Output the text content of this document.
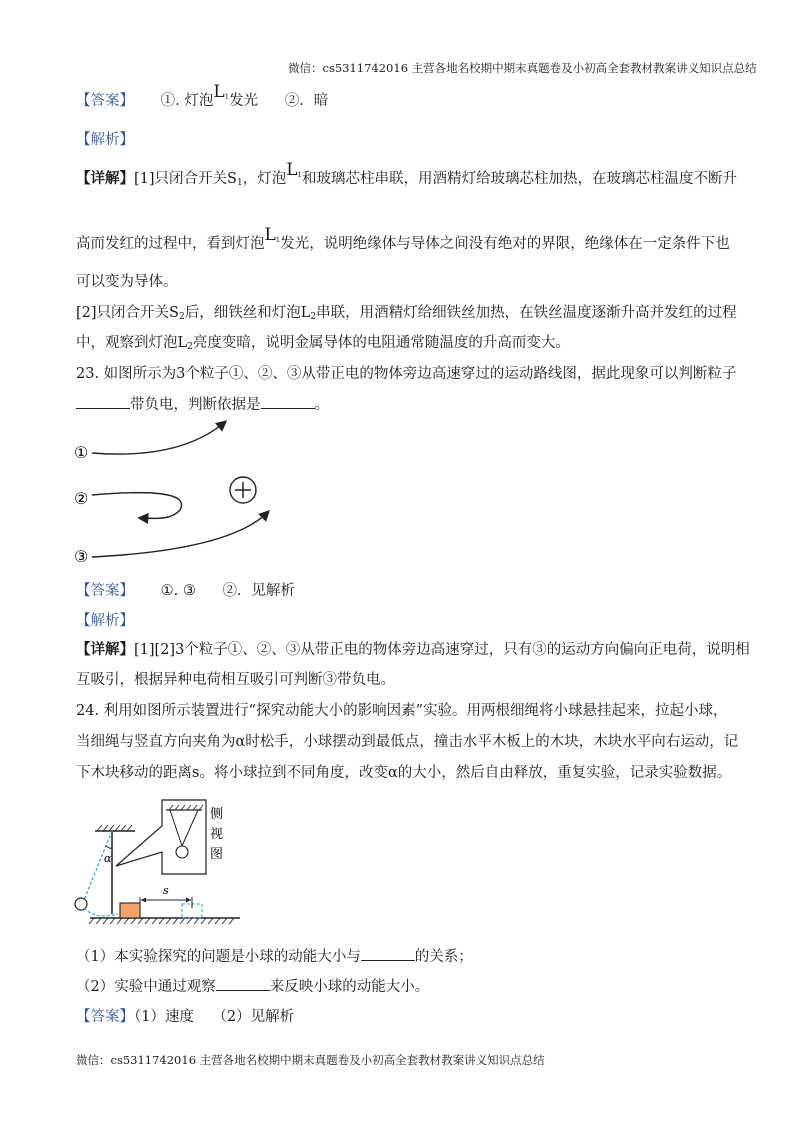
微信：cs5311742016 主营各地名校期中期末真题卷及小初高全套教材教案讲义知识点总结
【答案】 ①. 灯泡$L_1$发光 ②．暗
【解析】
【详解】[1]只闭合开关$S_1$，灯泡$L_1$和玻璃芯柱串联，用酒精灯给玻璃芯柱加热，在玻璃芯柱温度不断升
高而发红的过程中，看到灯泡$L_1$发光，说明绝缘体与导体之间没有绝对的界限，绝缘体在一定条件下也
可以变为导体。
[2]只闭合开关$S_2$后，细铁丝和灯泡$L_2$串联，用酒精灯给细铁丝加热，在铁丝温度逐渐升高并发红的过程
中，观察到灯泡$L_2$亮度变暗，说明金属导体的电阻通常随温度的升高而变大。
23. 如图所示为3个粒子①、②、③从带正电的物体旁边高速穿过的运动路线图，据此现象可以判断粒子
带负电，判断依据是	。
①
②
③
【答案】 ①. ③ ②．见解析
【解析】
【详解】[1][2]3个粒子①、②、③从带正电的物体旁边高速穿过，只有③的运动方向偏向正电荷，说明相
互吸引，根据异种电荷相互吸引可判断③带负电。
24. 利用如图所示装置进行“探究动能大小的影响因素”实验。用两根细绳将小球悬挂起来，拉起小球，
当细绳与竖直方向夹角为α时松手，小球摆动到最低点，撞击水平木板上的木块，木块水平向右运动，记
下木块移动的距离s。将小球拉到不同角度，改变α的大小，然后自由释放，重复实验，记录实验数据。
α
s
侧
视
图
（1）本实验探究的问题是小球的动能大小与	的关系；
（2）实验中通过观察	来反映小球的动能大小。
【答案】（1）速度    （2）见解析
微信：cs5311742016 主营各地名校期中期末真题卷及小初高全套教材教案讲义知识点总结
